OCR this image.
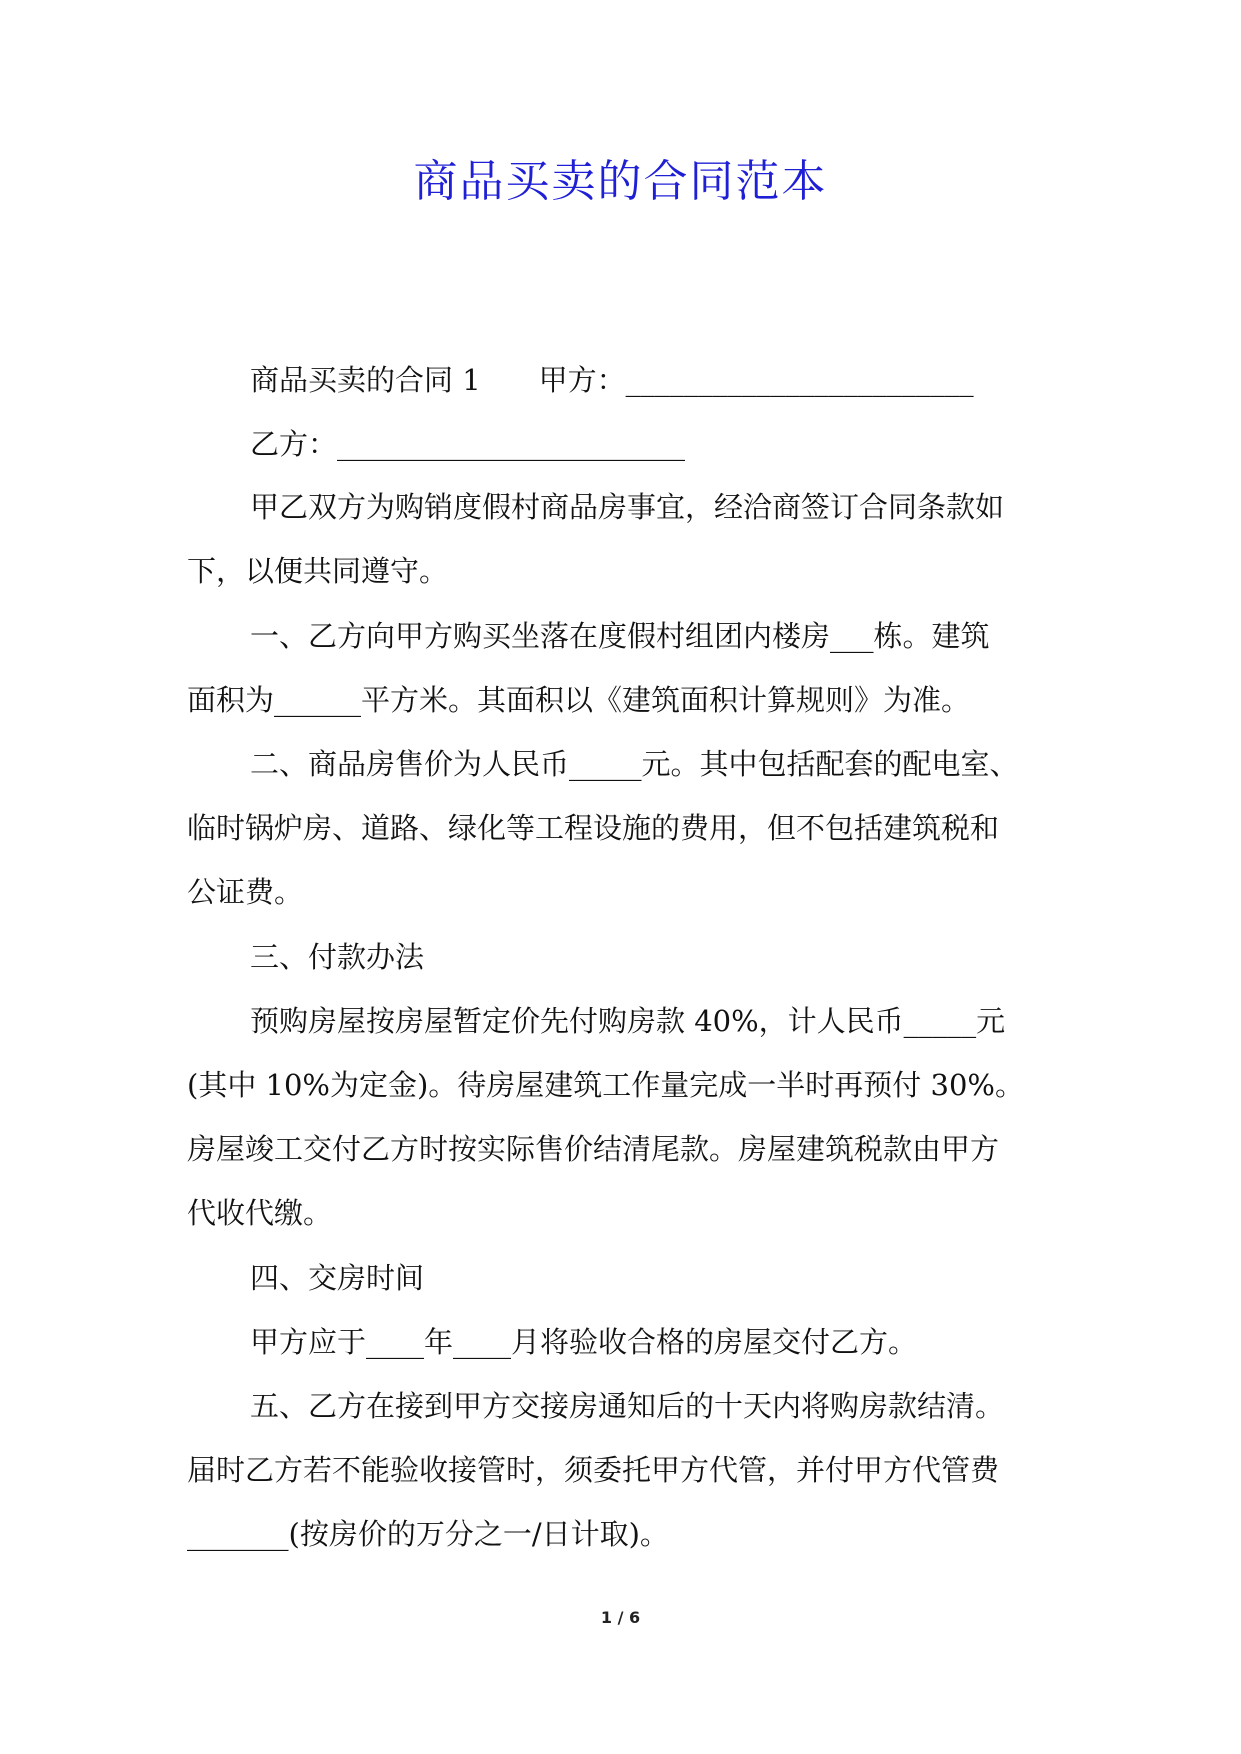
商品买卖的合同范本
商品买卖的合同 1　　甲方：________________________
乙方：________________________
甲乙双方为购销度假村商品房事宜，经洽商签订合同条款如
下，以便共同遵守。
一、乙方向甲方购买坐落在度假村组团内楼房___栋。建筑
面积为______平方米。其面积以《建筑面积计算规则》为准。
二、商品房售价为人民币_____元。其中包括配套的配电室、
临时锅炉房、道路、绿化等工程设施的费用，但不包括建筑税和
公证费。
三、付款办法
预购房屋按房屋暂定价先付购房款 40%，计人民币_____元
(其中 10%为定金)。待房屋建筑工作量完成一半时再预付 30%。
房屋竣工交付乙方时按实际售价结清尾款。房屋建筑税款由甲方
代收代缴。
四、交房时间
甲方应于____年____月将验收合格的房屋交付乙方。
五、乙方在接到甲方交接房通知后的十天内将购房款结清。
届时乙方若不能验收接管时，须委托甲方代管，并付甲方代管费
_______(按房价的万分之一/日计取)。
1 / 6
